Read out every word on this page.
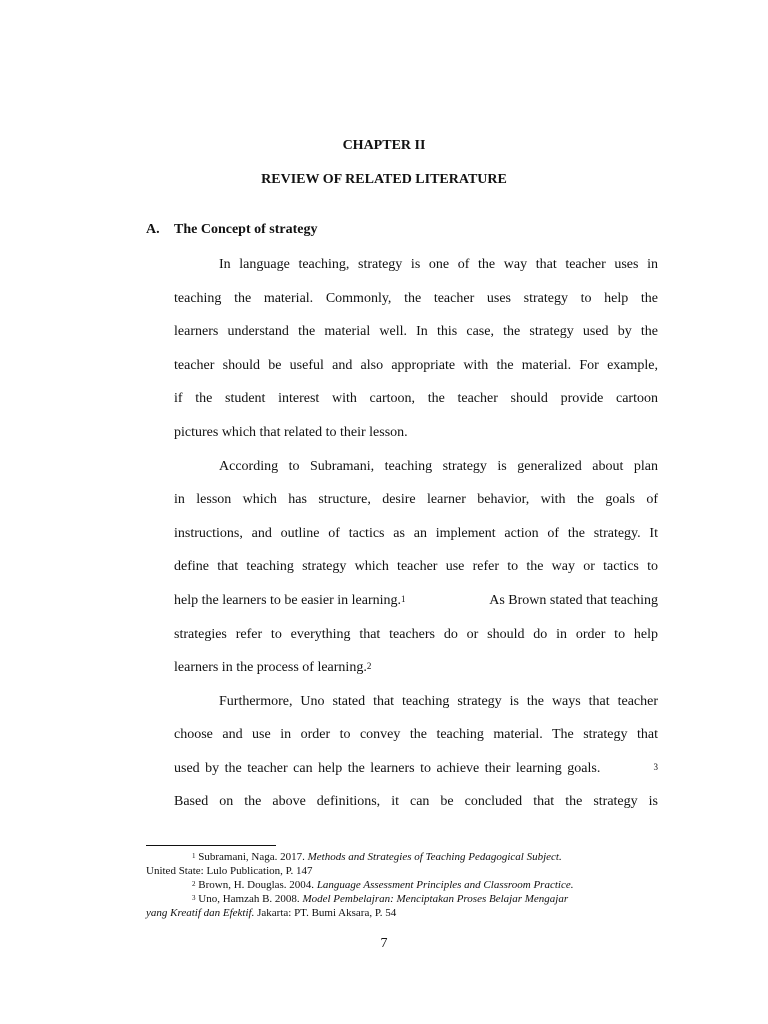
CHAPTER II
REVIEW OF RELATED LITERATURE
A. The Concept of strategy
In language teaching, strategy is one of the way that teacher uses in
teaching the material. Commonly, the teacher uses strategy to help the
learners understand the material well. In this case, the strategy used by the
teacher should be useful and also appropriate with the material. For example,
if the student interest with cartoon, the teacher should provide cartoon
pictures which that related to their lesson.
According to Subramani, teaching strategy is generalized about plan
in lesson which has structure, desire learner behavior, with the goals of
instructions, and outline of tactics as an implement action of the strategy. It
define that teaching strategy which teacher use refer to the way or tactics to
help the learners to be easier in learning.$^1$	As Brown stated that teaching
strategies refer to everything that teachers do or should do in order to help
learners in the process of learning.$^2$
Furthermore, Uno stated that teaching strategy is the ways that teacher
choose and use in order to convey the teaching material. The strategy that
used by the teacher can help the learners to achieve their learning goals.	3
Based on the above definitions, it can be concluded that the strategy is
$^1$ Subramani, Naga. 2017. Methods and Strategies of Teaching Pedagogical Subject.
United State: Lulo Publication, P. 147
$^2$ Brown, H. Douglas. 2004. Language Assessment Principles and Classroom Practice.
$^3$ Uno, Hamzah B. 2008. Model Pembelajran: Menciptakan Proses Belajar Mengajar
yang Kreatif dan Efektif. Jakarta: PT. Bumi Aksara, P. 54
7
